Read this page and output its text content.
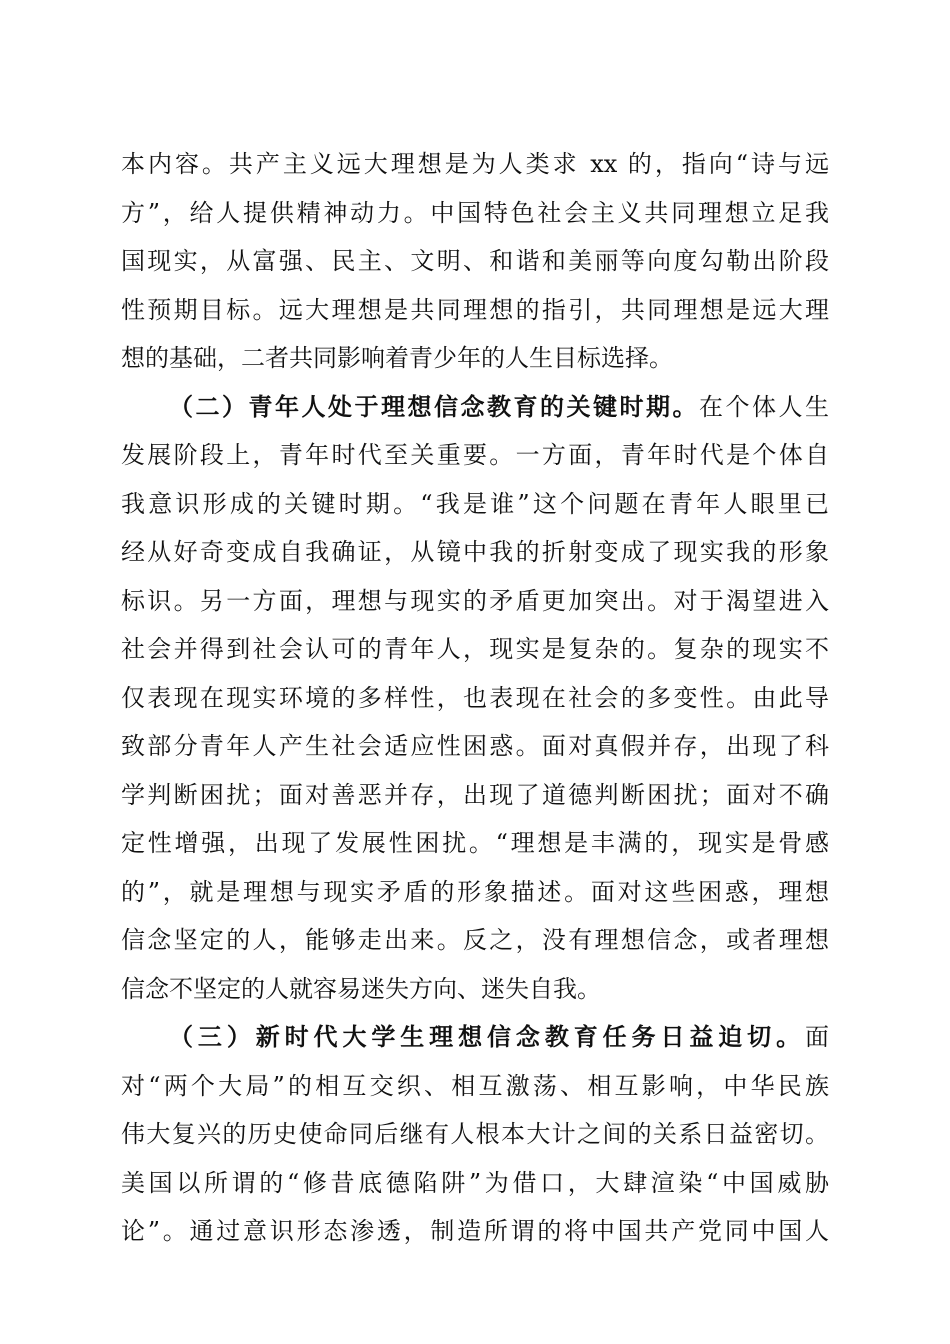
本内容。共产主义远大理想是为人类求 xx 的，指向“诗与远
方”，给人提供精神动力。中国特色社会主义共同理想立足我
国现实，从富强、民主、文明、和谐和美丽等向度勾勒出阶段
性预期目标。远大理想是共同理想的指引，共同理想是远大理
想的基础，二者共同影响着青少年的人生目标选择。
（二）青年人处于理想信念教育的关键时期。在个体人生
发展阶段上，青年时代至关重要。一方面，青年时代是个体自
我意识形成的关键时期。“我是谁”这个问题在青年人眼里已
经从好奇变成自我确证，从镜中我的折射变成了现实我的形象
标识。另一方面，理想与现实的矛盾更加突出。对于渴望进入
社会并得到社会认可的青年人，现实是复杂的。复杂的现实不
仅表现在现实环境的多样性，也表现在社会的多变性。由此导
致部分青年人产生社会适应性困惑。面对真假并存，出现了科
学判断困扰；面对善恶并存，出现了道德判断困扰；面对不确
定性增强，出现了发展性困扰。“理想是丰满的，现实是骨感
的”，就是理想与现实矛盾的形象描述。面对这些困惑，理想
信念坚定的人，能够走出来。反之，没有理想信念，或者理想
信念不坚定的人就容易迷失方向、迷失自我。
（三）新时代大学生理想信念教育任务日益迫切。面
对“两个大局”的相互交织、相互激荡、相互影响，中华民族
伟大复兴的历史使命同后继有人根本大计之间的关系日益密切。
美国以所谓的“修昔底德陷阱”为借口，大肆渲染“中国威胁
论”。通过意识形态渗透，制造所谓的将中国共产党同中国人
